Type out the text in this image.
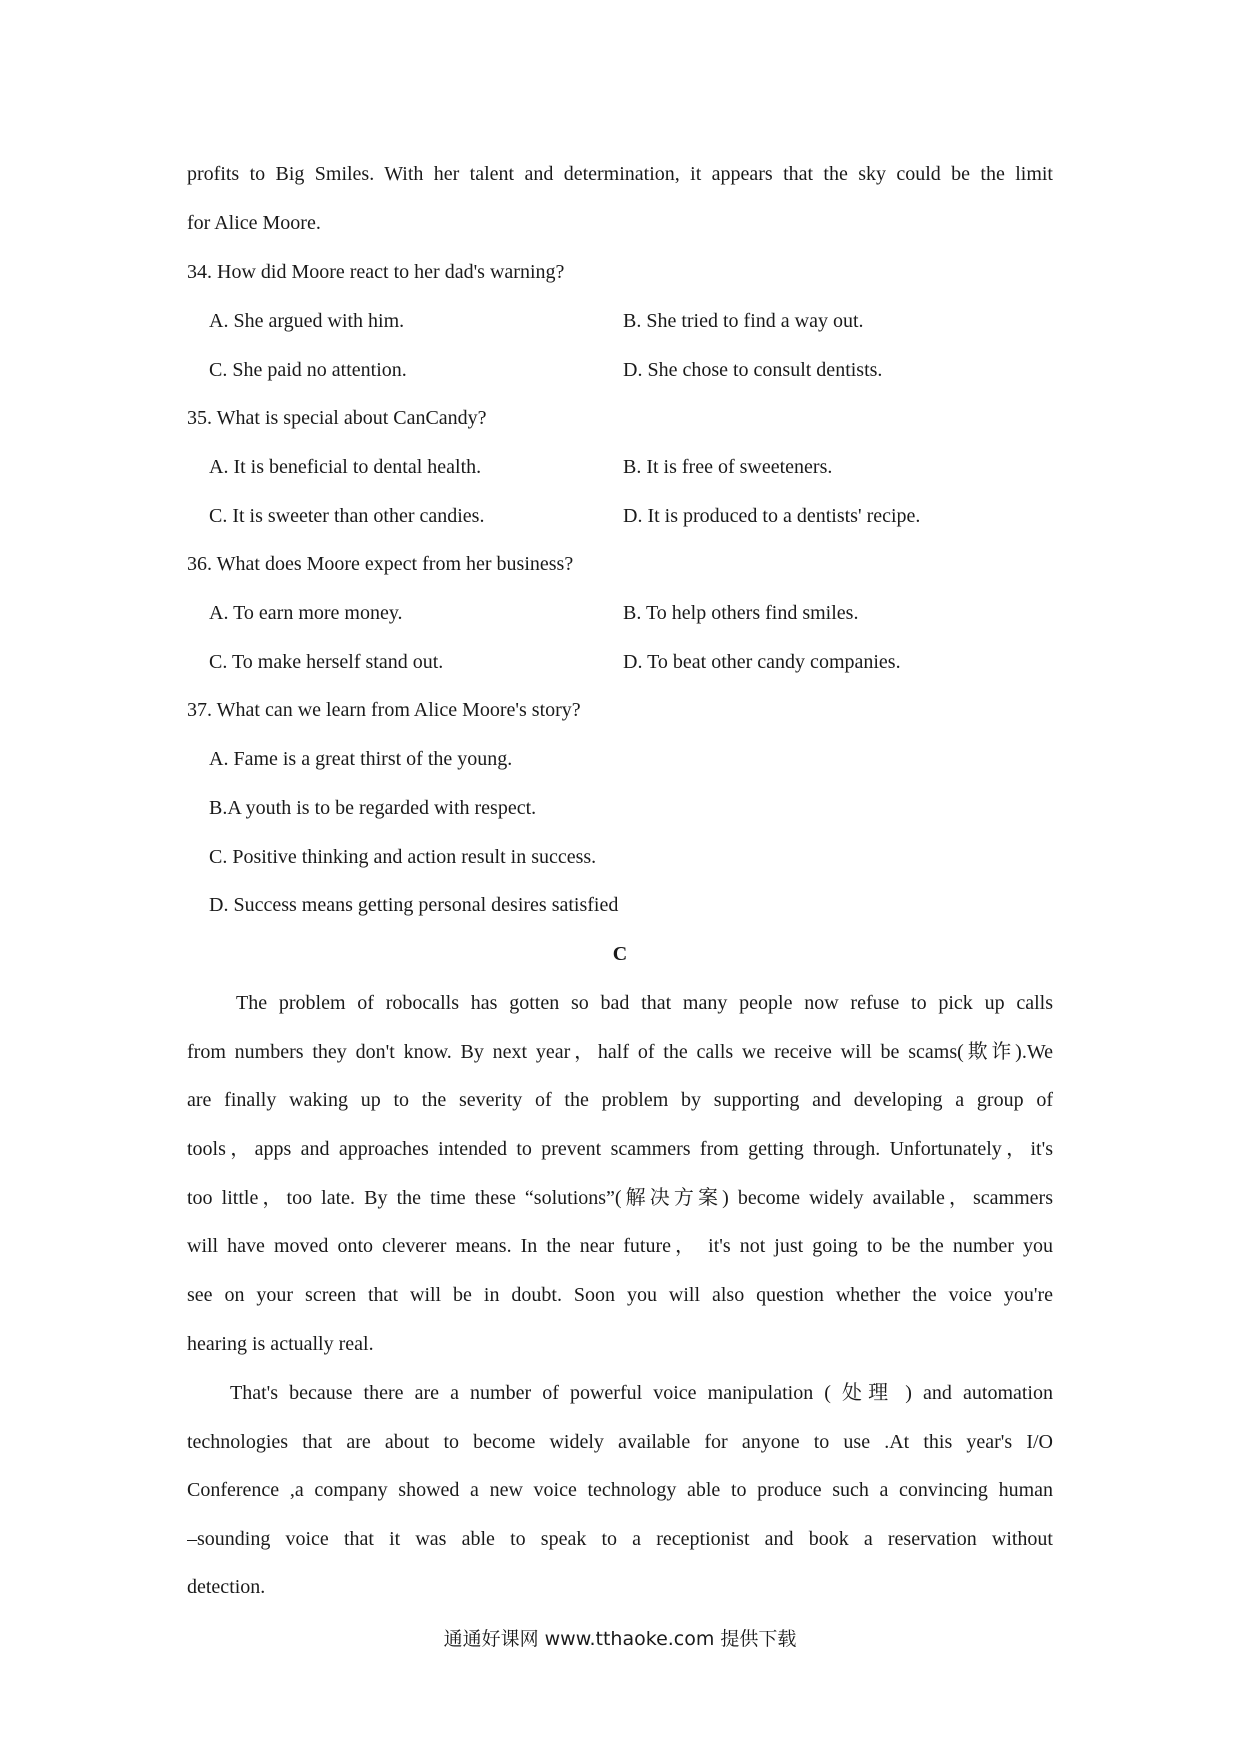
profits to Big Smiles. With her talent and determination, it appears that the sky could be the limit
for Alice Moore.
34. How did Moore react to her dad's warning?
A. She argued with him.	B. She tried to find a way out.
C. She paid no attention.	D. She chose to consult dentists.
35. What is special about CanCandy?
A. It is beneficial to dental health.	B. It is free of sweeteners.
C. It is sweeter than other candies.	D. It is produced to a dentists' recipe.
36. What does Moore expect from her business?
A. To earn more money.	B. To help others find smiles.
C. To make herself stand out.	D. To beat other candy companies.
37. What can we learn from Alice Moore's story?
A. Fame is a great thirst of the young.
B.A youth is to be regarded with respect.
C. Positive thinking and action result in success.
D. Success means getting personal desires satisfied
C
The problem of robocalls has gotten so bad that many people now refuse to pick up calls
from numbers they don't know. By next year，half of the calls we receive will be scams(欺诈).We
are finally waking up to the severity of the problem by supporting and developing a group of
tools，apps and approaches intended to prevent scammers from getting through. Unfortunately，it's
too little，too late. By the time these “solutions”(解决方案) become widely available，scammers
will have moved onto cleverer means. In the near future， it's not just going to be the number you
see on your screen that will be in doubt. Soon you will also question whether the voice you're
hearing is actually real.
That's because there are a number of powerful voice manipulation ( 处理 ) and automation
technologies that are about to become widely available for anyone to use .At this year's I/O
Conference ,a company showed a new voice technology able to produce such a convincing human
–sounding voice that it was able to speak to a receptionist and book a reservation without
detection.
通通好课网 www.tthaoke.com 提供下载
